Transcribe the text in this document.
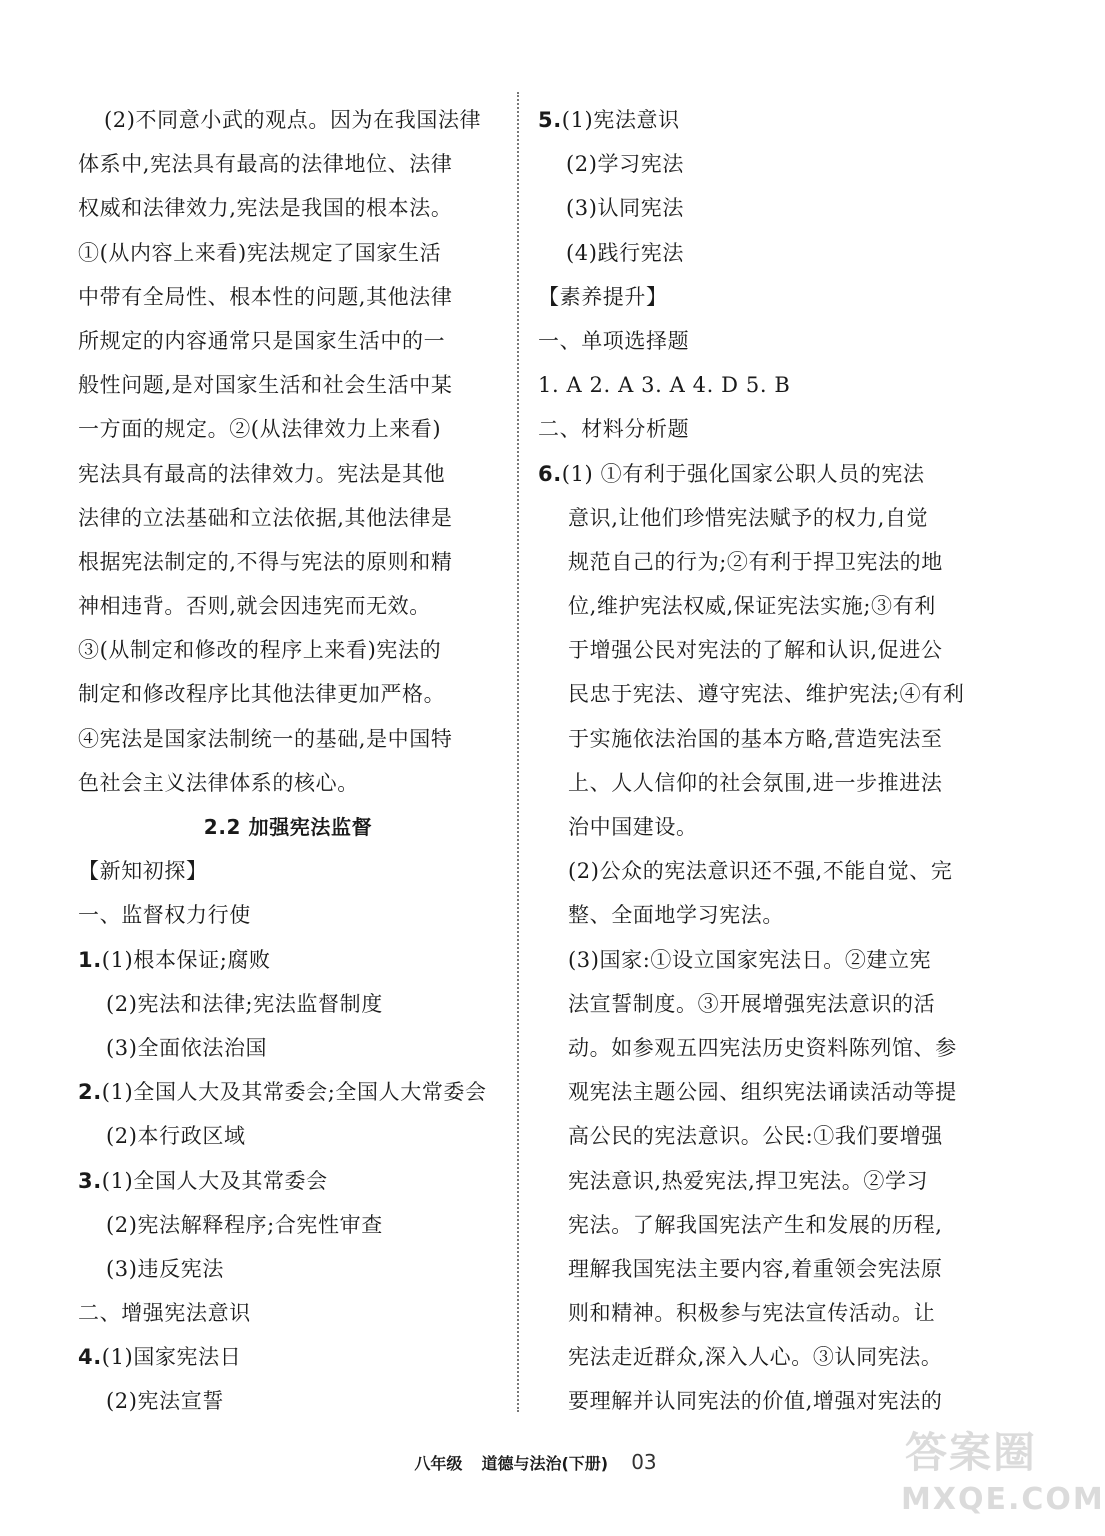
(2)不同意小武的观点。因为在我国法律
体系中,宪法具有最高的法律地位、法律
权威和法律效力,宪法是我国的根本法。
①(从内容上来看)宪法规定了国家生活
中带有全局性、根本性的问题,其他法律
所规定的内容通常只是国家生活中的一
般性问题,是对国家生活和社会生活中某
一方面的规定。②(从法律效力上来看)
宪法具有最高的法律效力。宪法是其他
法律的立法基础和立法依据,其他法律是
根据宪法制定的,不得与宪法的原则和精
神相违背。否则,就会因违宪而无效。
③(从制定和修改的程序上来看)宪法的
制定和修改程序比其他法律更加严格。
④宪法是国家法制统一的基础,是中国特
色社会主义法律体系的核心。
2.2 加强宪法监督
【新知初探】
一、监督权力行使
1.(1)根本保证;腐败
(2)宪法和法律;宪法监督制度
(3)全面依法治国
2.(1)全国人大及其常委会;全国人大常委会
(2)本行政区域
3.(1)全国人大及其常委会
(2)宪法解释程序;合宪性审查
(3)违反宪法
二、增强宪法意识
4.(1)国家宪法日
(2)宪法宣誓
5.(1)宪法意识
(2)学习宪法
(3)认同宪法
(4)践行宪法
【素养提升】
一、单项选择题
1. A 2. A 3. A 4. D 5. B
二、材料分析题
6.(1) ①有利于强化国家公职人员的宪法
意识,让他们珍惜宪法赋予的权力,自觉
规范自己的行为;②有利于捍卫宪法的地
位,维护宪法权威,保证宪法实施;③有利
于增强公民对宪法的了解和认识,促进公
民忠于宪法、遵守宪法、维护宪法;④有利
于实施依法治国的基本方略,营造宪法至
上、人人信仰的社会氛围,进一步推进法
治中国建设。
(2)公众的宪法意识还不强,不能自觉、完
整、全面地学习宪法。
(3)国家:①设立国家宪法日。②建立宪
法宣誓制度。③开展增强宪法意识的活
动。如参观五四宪法历史资料陈列馆、参
观宪法主题公园、组织宪法诵读活动等提
高公民的宪法意识。公民:①我们要增强
宪法意识,热爱宪法,捍卫宪法。②学习
宪法。了解我国宪法产生和发展的历程,
理解我国宪法主要内容,着重领会宪法原
则和精神。积极参与宪法宣传活动。让
宪法走近群众,深入人心。③认同宪法。
要理解并认同宪法的价值,增强对宪法的
八年级 道德与法治(下册) 03	答案圈
MXQE.COM
